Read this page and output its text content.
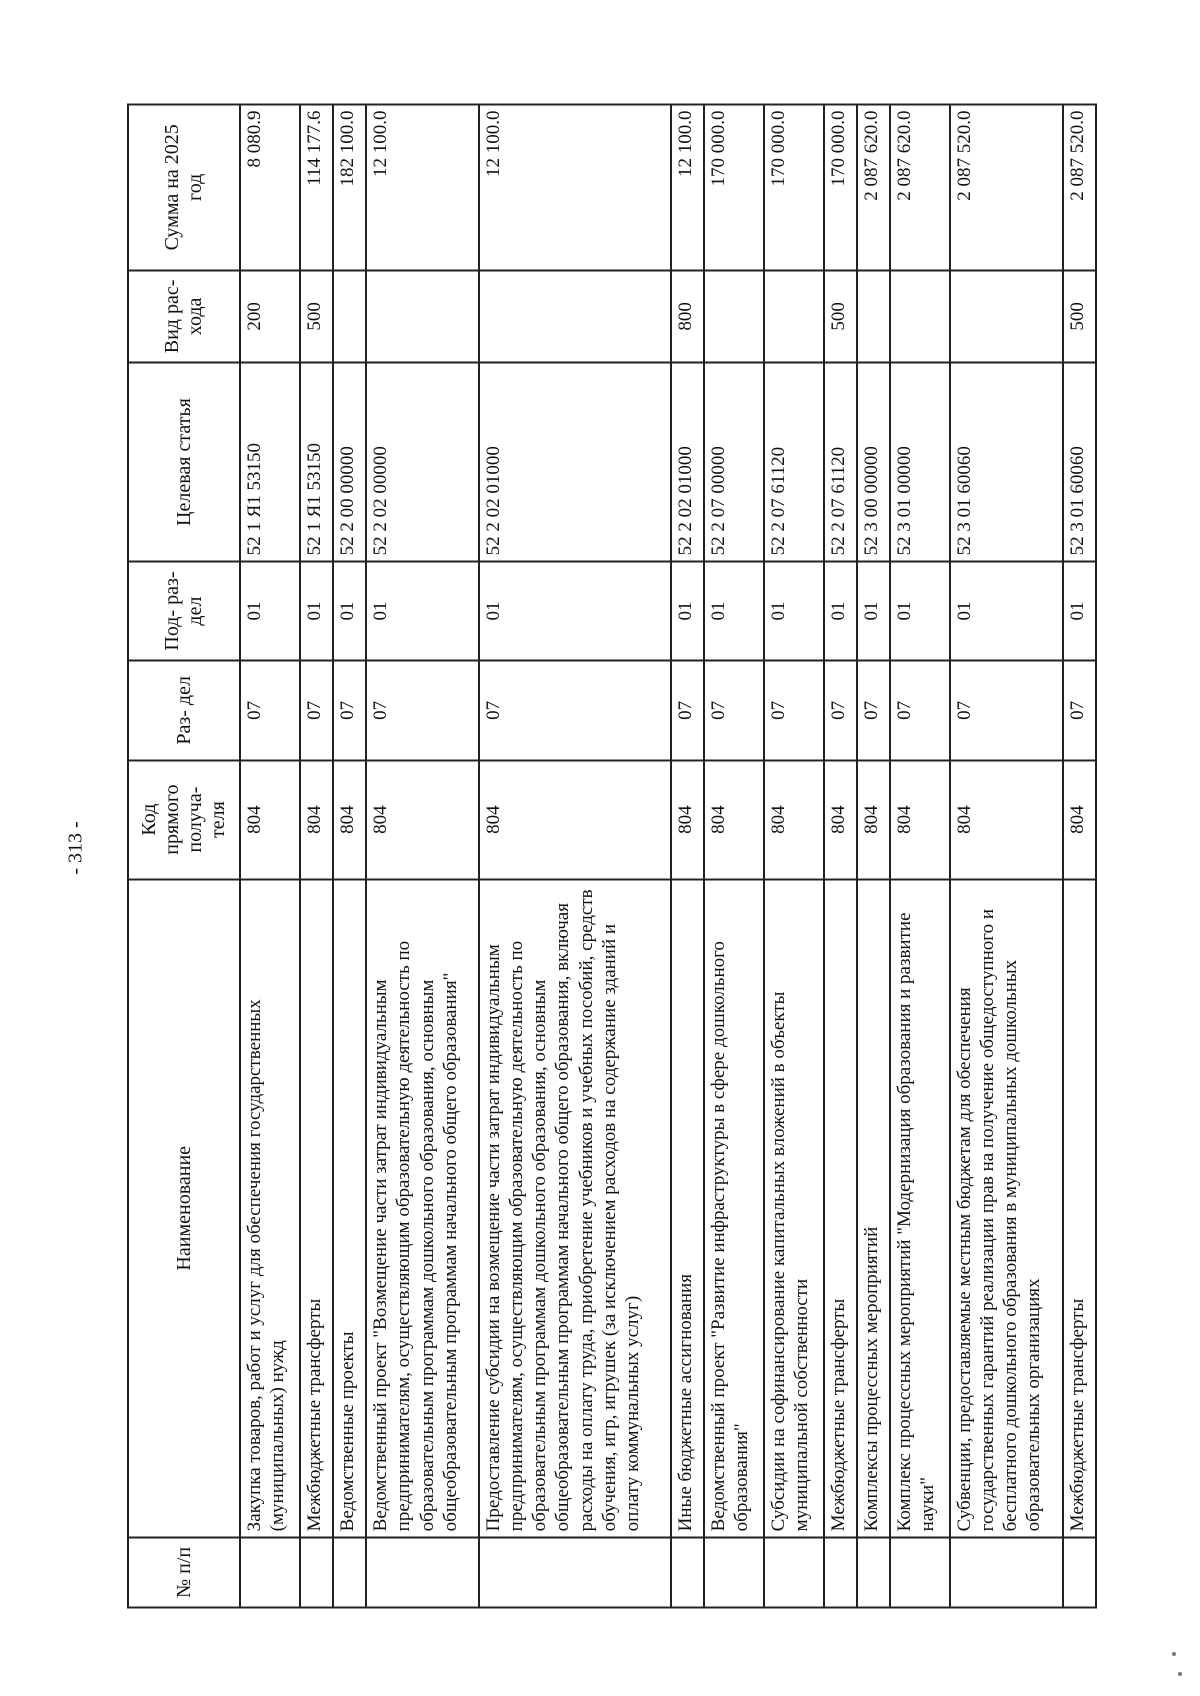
- 313 -
№ п/п	Наименование	Код прямого получа- теля	Раз- дел	Под- раз- дел	Целевая статья	Вид рас- хода	Сумма на 2025 год
	Закупка товаров, работ и услуг для обеспечения государственных (муниципальных) нужд	804	07	01	52 1 Я1 53150	200	8 080.9
	Межбюджетные трансферты	804	07	01	52 1 Я1 53150	500	114 177.6
	Ведомственные проекты	804	07	01	52 2 00 00000		182 100.0
	Ведомственный проект "Возмещение части затрат индивидуальным предпринимателям, осуществляющим образовательную деятельность по образовательным программам дошкольного образования, основным общеобразовательным программам начального общего образования"	804	07	01	52 2 02 00000		12 100.0
	Предоставление субсидии на возмещение части затрат индивидуальным предпринимателям, осуществляющим образовательную деятельность по образовательным программам дошкольного образования, основным общеобразовательным программам начального общего образования, включая расходы на оплату труда, приобретение учебников и учебных пособий, средств обучения, игр, игрушек (за исключением расходов на содержание зданий и оплату коммунальных услуг)	804	07	01	52 2 02 01000		12 100.0
	Иные бюджетные ассигнования	804	07	01	52 2 02 01000	800	12 100.0
	Ведомственный проект "Развитие инфраструктуры в сфере дошкольного образования"	804	07	01	52 2 07 00000		170 000.0
	Субсидии на софинансирование капитальных вложений в объекты муниципальной собственности	804	07	01	52 2 07 61120		170 000.0
	Межбюджетные трансферты	804	07	01	52 2 07 61120	500	170 000.0
	Комплексы процессных мероприятий	804	07	01	52 3 00 00000		2 087 620.0
	Комплекс процессных мероприятий "Модернизация образования и развитие науки"	804	07	01	52 3 01 00000		2 087 620.0
	Субвенции, предоставляемые местным бюджетам для обеспечения государственных гарантий реализации прав на получение общедоступного и бесплатного дошкольного образования в муниципальных дошкольных образовательных организациях	804	07	01	52 3 01 60060		2 087 520.0
	Межбюджетные трансферты	804	07	01	52 3 01 60060	500	2 087 520.0
